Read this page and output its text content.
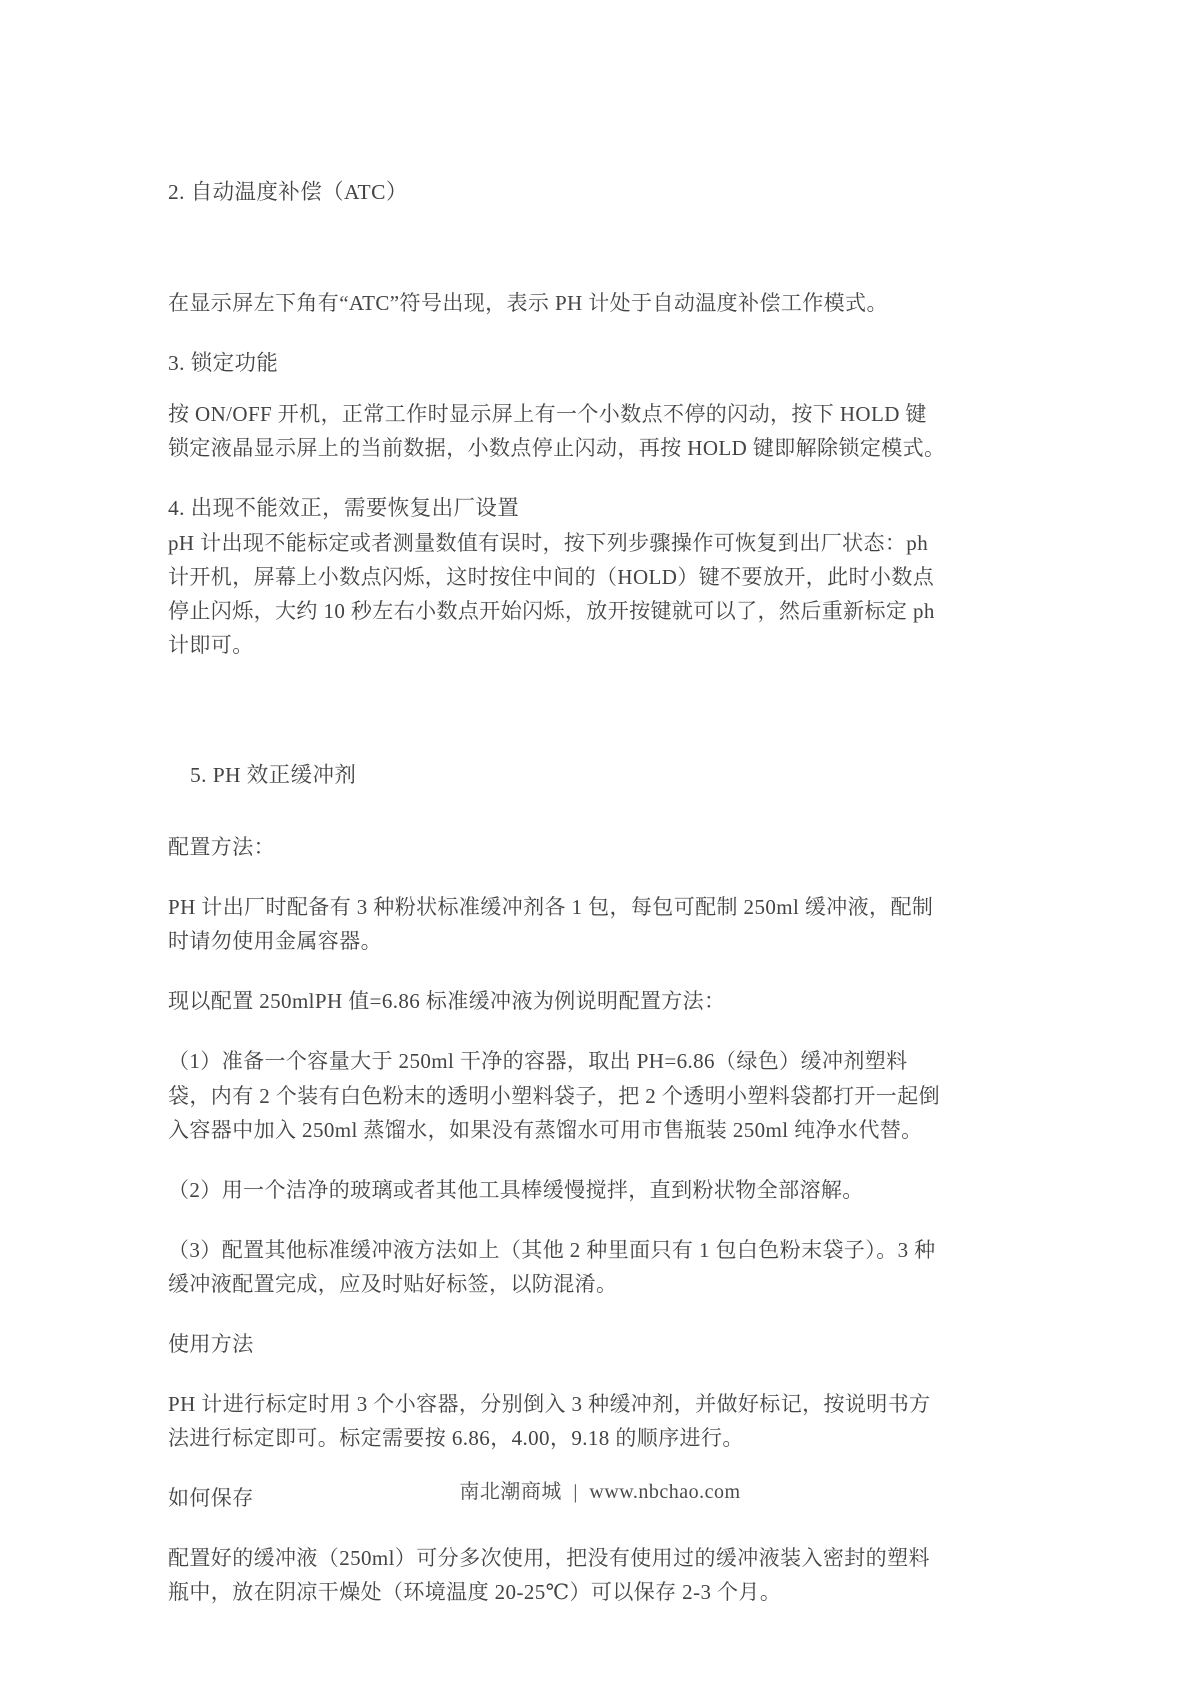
2. 自动温度补偿（ATC）

在显示屏左下角有“ATC”符号出现，表示 PH 计处于自动温度补偿工作模式。

3. 锁定功能

按 ON/OFF 开机，正常工作时显示屏上有一个小数点不停的闪动，按下 HOLD 键锁定液晶显示屏上的当前数据，小数点停止闪动，再按 HOLD 键即解除锁定模式。

4. 出现不能效正，需要恢复出厂设置

pH 计出现不能标定或者测量数值有误时，按下列步骤操作可恢复到出厂状态：ph 计开机，屏幕上小数点闪烁，这时按住中间的（HOLD）键不要放开，此时小数点停止闪烁，大约 10 秒左右小数点开始闪烁，放开按键就可以了，然后重新标定 ph 计即可。

5. PH 效正缓冲剂

配置方法：

PH 计出厂时配备有 3 种粉状标准缓冲剂各 1 包，每包可配制 250ml 缓冲液，配制时请勿使用金属容器。

现以配置 250mlPH 值=6.86 标准缓冲液为例说明配置方法：

（1）准备一个容量大于 250ml 干净的容器，取出 PH=6.86（绿色）缓冲剂塑料袋，内有 2 个装有白色粉末的透明小塑料袋子，把 2 个透明小塑料袋都打开一起倒入容器中加入 250ml 蒸馏水，如果没有蒸馏水可用市售瓶装 250ml 纯净水代替。

（2）用一个洁净的玻璃或者其他工具棒缓慢搅拌，直到粉状物全部溶解。

（3）配置其他标准缓冲液方法如上（其他 2 种里面只有 1 包白色粉末袋子）。3 种缓冲液配置完成，应及时贴好标签，以防混淆。

使用方法

PH 计进行标定时用 3 个小容器，分别倒入 3 种缓冲剂，并做好标记，按说明书方法进行标定即可。标定需要按 6.86，4.00，9.18 的顺序进行。

如何保存

配置好的缓冲液（250ml）可分多次使用，把没有使用过的缓冲液装入密封的塑料瓶中，放在阴凉干燥处（环境温度 20-25℃）可以保存 2-3 个月。

南北潮商城 | www.nbchao.com
